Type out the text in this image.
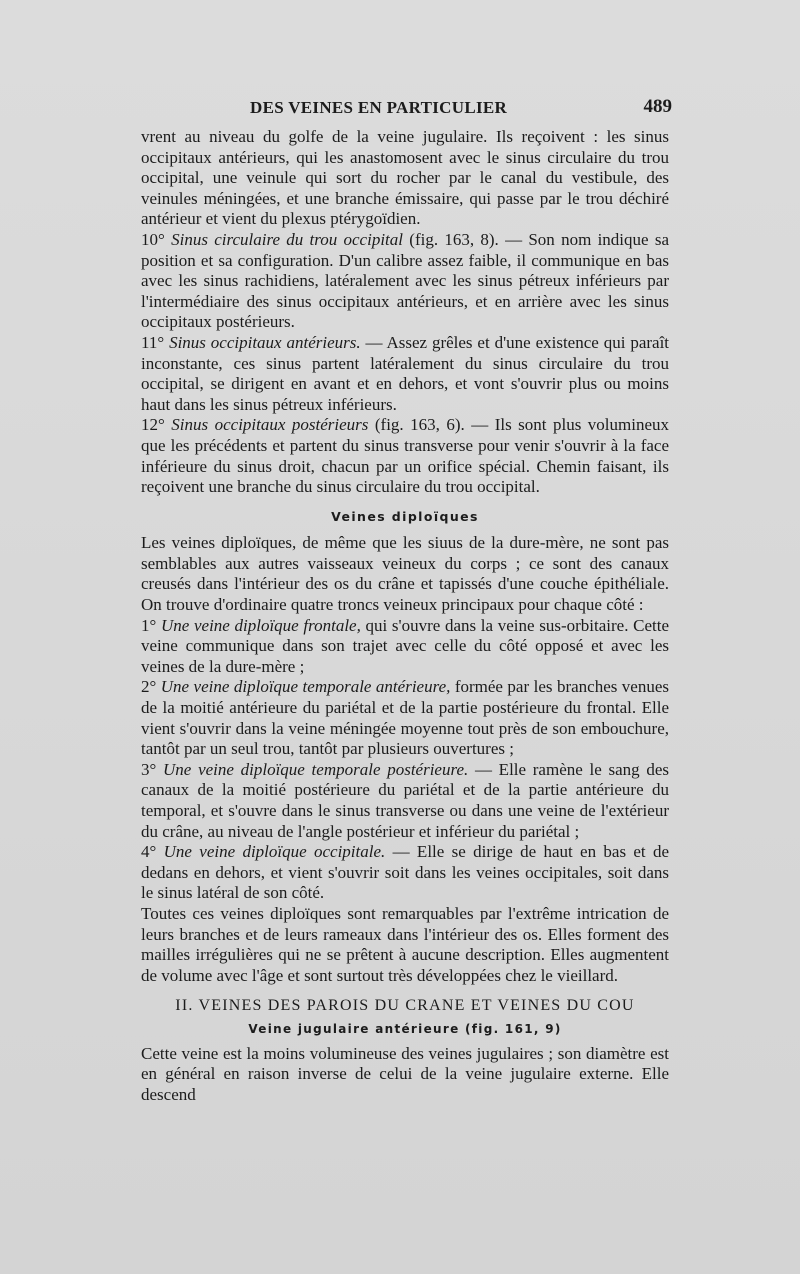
DES VEINES EN PARTICULIER	489

vrent au niveau du golfe de la veine jugulaire. Ils reçoivent : les sinus occipitaux antérieurs, qui les anastomosent avec le sinus circulaire du trou occipital, une veinule qui sort du rocher par le canal du vestibule, des veinules méningées, et une branche émissaire, qui passe par le trou déchiré antérieur et vient du plexus ptérygoïdien.

10° Sinus circulaire du trou occipital (fig. 163, 8). — Son nom indique sa position et sa configuration. D'un calibre assez faible, il communique en bas avec les sinus rachidiens, latéralement avec les sinus pétreux inférieurs par l'intermédiaire des sinus occipitaux antérieurs, et en arrière avec les sinus occipitaux postérieurs.

11° Sinus occipitaux antérieurs. — Assez grêles et d'une existence qui paraît inconstante, ces sinus partent latéralement du sinus circulaire du trou occipital, se dirigent en avant et en dehors, et vont s'ouvrir plus ou moins haut dans les sinus pétreux inférieurs.

12° Sinus occipitaux postérieurs (fig. 163, 6). — Ils sont plus volumineux que les précédents et partent du sinus transverse pour venir s'ouvrir à la face inférieure du sinus droit, chacun par un orifice spécial. Chemin faisant, ils reçoivent une branche du sinus circulaire du trou occipital.

Veines diploïques

Les veines diploïques, de même que les siuus de la dure-mère, ne sont pas semblables aux autres vaisseaux veineux du corps ; ce sont des canaux creusés dans l'intérieur des os du crâne et tapissés d'une couche épithéliale. On trouve d'ordinaire quatre troncs veineux principaux pour chaque côté :

1° Une veine diploïque frontale, qui s'ouvre dans la veine sus-orbitaire. Cette veine communique dans son trajet avec celle du côté opposé et avec les veines de la dure-mère ;

2° Une veine diploïque temporale antérieure, formée par les branches venues de la moitié antérieure du pariétal et de la partie postérieure du frontal. Elle vient s'ouvrir dans la veine méningée moyenne tout près de son embouchure, tantôt par un seul trou, tantôt par plusieurs ouvertures ;

3° Une veine diploïque temporale postérieure. — Elle ramène le sang des canaux de la moitié postérieure du pariétal et de la partie antérieure du temporal, et s'ouvre dans le sinus transverse ou dans une veine de l'extérieur du crâne, au niveau de l'angle postérieur et inférieur du pariétal ;

4° Une veine diploïque occipitale. — Elle se dirige de haut en bas et de dedans en dehors, et vient s'ouvrir soit dans les veines occipitales, soit dans le sinus latéral de son côté.

Toutes ces veines diploïques sont remarquables par l'extrême intrication de leurs branches et de leurs rameaux dans l'intérieur des os. Elles forment des mailles irrégulières qui ne se prêtent à aucune description. Elles augmentent de volume avec l'âge et sont surtout très développées chez le vieillard.

II. VEINES DES PAROIS DU CRANE ET VEINES DU COU

Veine jugulaire antérieure (fig. 161, 9)

Cette veine est la moins volumineuse des veines jugulaires ; son diamètre est en général en raison inverse de celui de la veine jugulaire externe. Elle descend
